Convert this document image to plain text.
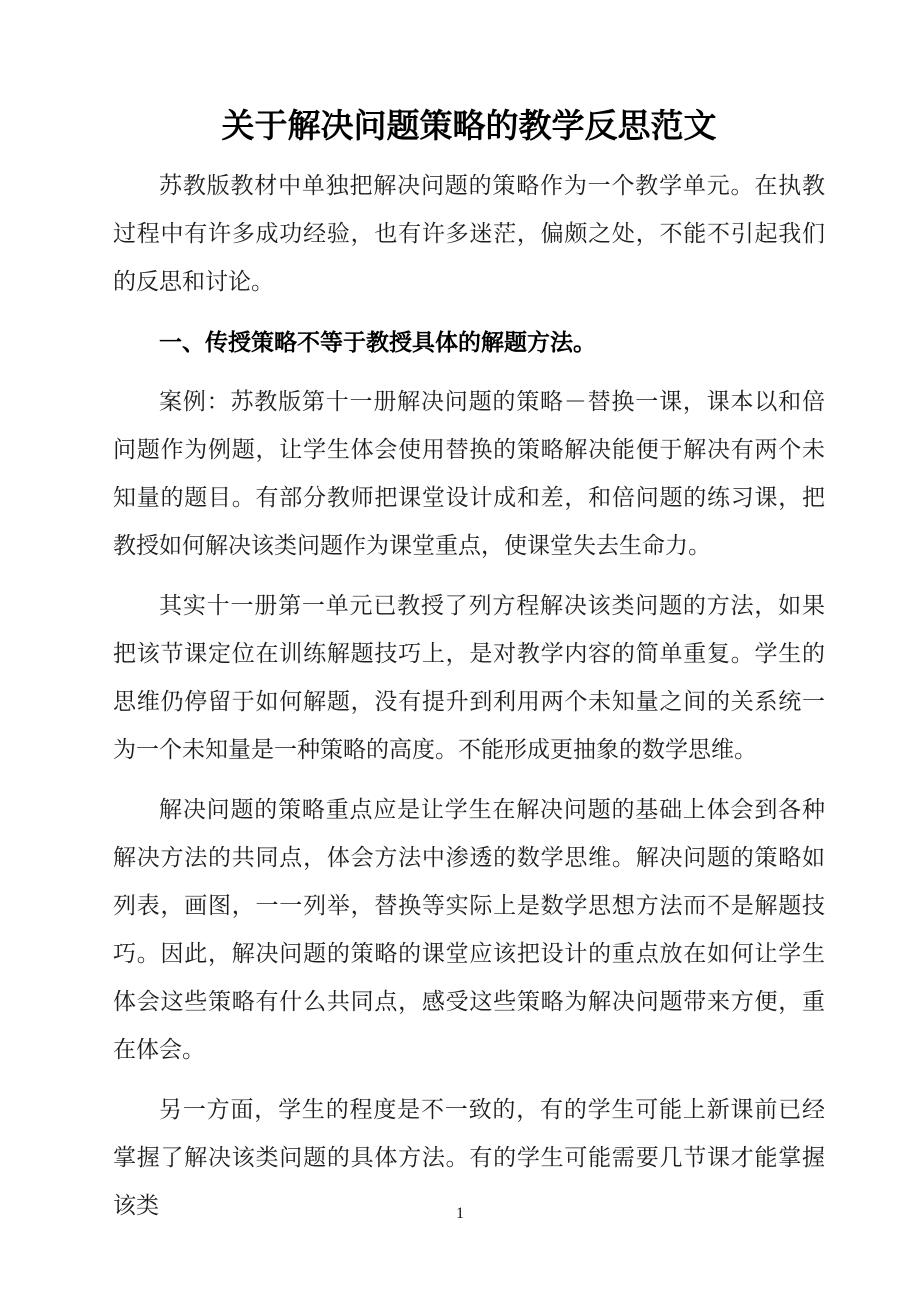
关于解决问题策略的教学反思范文

苏教版教材中单独把解决问题的策略作为一个教学单元。在执教过程中有许多成功经验，也有许多迷茫，偏颇之处，不能不引起我们的反思和讨论。

一、传授策略不等于教授具体的解题方法。

案例：苏教版第十一册解决问题的策略－替换一课，课本以和倍问题作为例题，让学生体会使用替换的策略解决能便于解决有两个未知量的题目。有部分教师把课堂设计成和差，和倍问题的练习课，把教授如何解决该类问题作为课堂重点，使课堂失去生命力。

其实十一册第一单元已教授了列方程解决该类问题的方法，如果把该节课定位在训练解题技巧上，是对教学内容的简单重复。学生的思维仍停留于如何解题，没有提升到利用两个未知量之间的关系统一为一个未知量是一种策略的高度。不能形成更抽象的数学思维。

解决问题的策略重点应是让学生在解决问题的基础上体会到各种解决方法的共同点，体会方法中渗透的数学思维。解决问题的策略如列表，画图，一一列举，替换等实际上是数学思想方法而不是解题技巧。因此，解决问题的策略的课堂应该把设计的重点放在如何让学生体会这些策略有什么共同点，感受这些策略为解决问题带来方便，重在体会。

另一方面，学生的程度是不一致的，有的学生可能上新课前已经掌握了解决该类问题的具体方法。有的学生可能需要几节课才能掌握该类	1
